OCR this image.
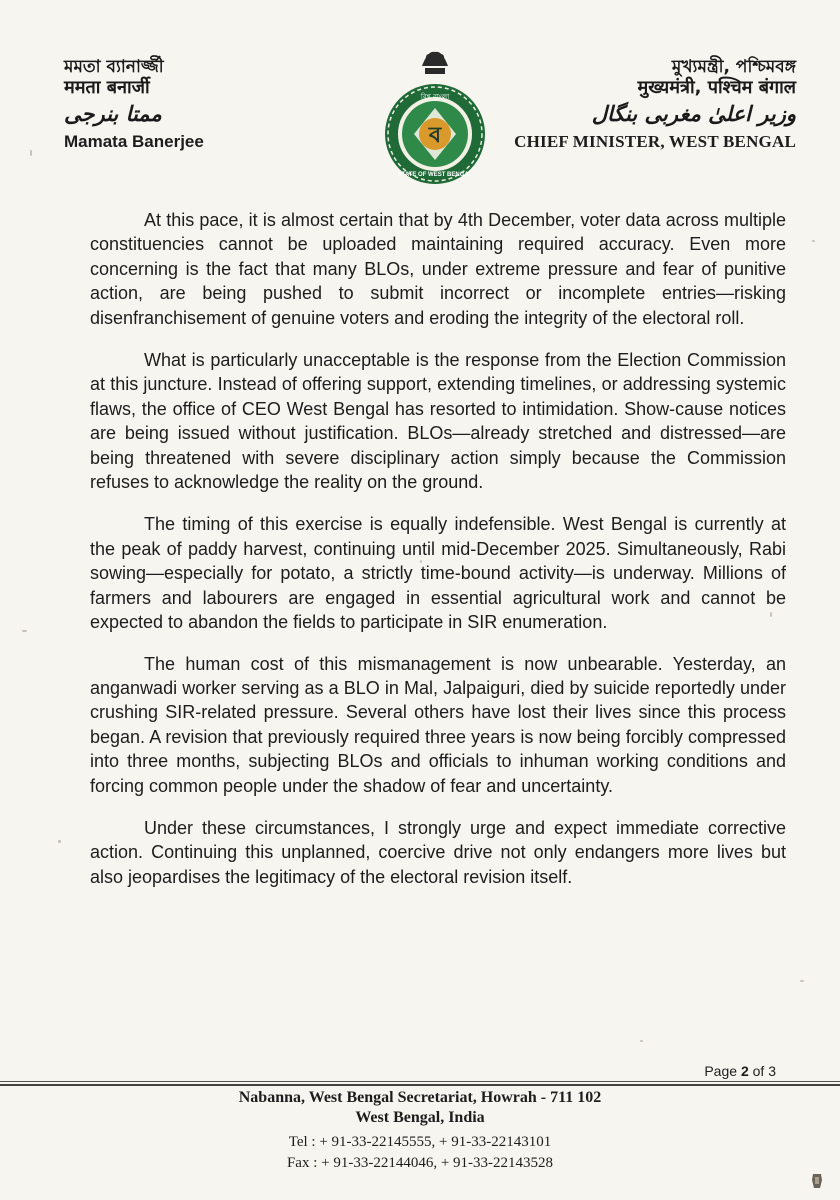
মমতা ব্যানার্জ্জী
ममता बनार्जी
ممتا بنرجی
Mamata Banerjee	ব
বিশ্ব বাংলা
STATE OF WEST BENGAL
মুখ্যমন্ত্রী, পশ্চিমবঙ্গ
मुख्यमंत्री, पश्चिम बंगाल
وزیر اعلیٰ مغربی بنگال
CHIEF MINISTER, WEST BENGAL

At this pace, it is almost certain that by 4th December, voter data across multiple constituencies cannot be uploaded maintaining required accuracy. Even more concerning is the fact that many BLOs, under extreme pressure and fear of punitive action, are being pushed to submit incorrect or incomplete entries—risking disenfranchisement of genuine voters and eroding the integrity of the electoral roll.

What is particularly unacceptable is the response from the Election Commission at this juncture. Instead of offering support, extending timelines, or addressing systemic flaws, the office of CEO West Bengal has resorted to intimidation. Show-cause notices are being issued without justification. BLOs—already stretched and distressed—are being threatened with severe disciplinary action simply because the Commission refuses to acknowledge the reality on the ground.

The timing of this exercise is equally indefensible. West Bengal is currently at the peak of paddy harvest, continuing until mid-December 2025. Simultaneously, Rabi sowing—especially for potato, a strictly time-bound activity—is underway. Millions of farmers and labourers are engaged in essential agricultural work and cannot be expected to abandon the fields to participate in SIR enumeration.

The human cost of this mismanagement is now unbearable. Yesterday, an anganwadi worker serving as a BLO in Mal, Jalpaiguri, died by suicide reportedly under crushing SIR-related pressure. Several others have lost their lives since this process began. A revision that previously required three years is now being forcibly compressed into three months, subjecting BLOs and officials to inhuman working conditions and forcing common people under the shadow of fear and uncertainty.

Under these circumstances, I strongly urge and expect immediate corrective action. Continuing this unplanned, coercive drive not only endangers more lives but also jeopardises the legitimacy of the electoral revision itself.

Page 2 of 3
Nabanna, West Bengal Secretariat, Howrah - 711 102
West Bengal, India
Tel : + 91-33-22145555, + 91-33-22143101
Fax : + 91-33-22144046, + 91-33-22143528
